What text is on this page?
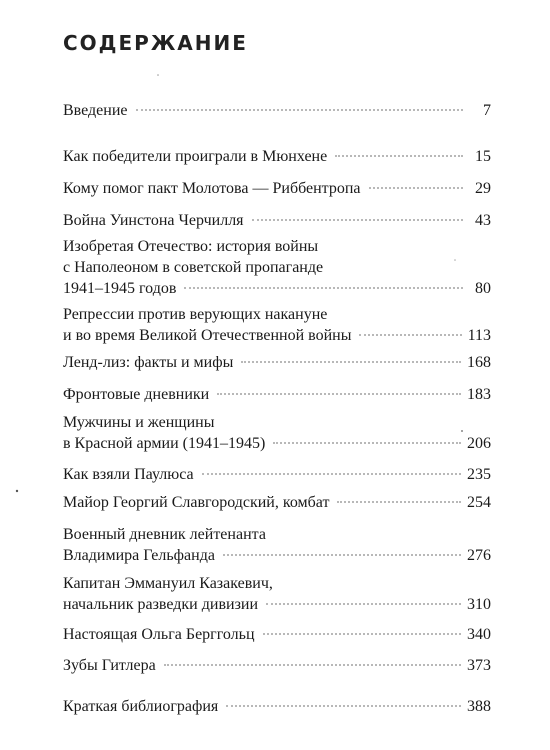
СОДЕРЖАНИЕ
Введение	7
Как победители проиграли в Мюнхене	15
Кому помог пакт Молотова — Риббентропа	29
Война Уинстона Черчилля	43
Изобретая Отечество: история войны
с Наполеоном в советской пропаганде
1941–1945 годов	80
Репрессии против верующих накануне
и во время Великой Отечественной войны	113
Ленд-лиз: факты и мифы	168
Фронтовые дневники	183
Мужчины и женщины
в Красной армии (1941–1945)	206
Как взяли Паулюса	235
Майор Георгий Славгородский, комбат	254
Военный дневник лейтенанта
Владимира Гельфанда	276
Капитан Эммануил Казакевич,
начальник разведки дивизии	310
Настоящая Ольга Берггольц	340
Зубы Гитлера	373
Краткая библиография	388
